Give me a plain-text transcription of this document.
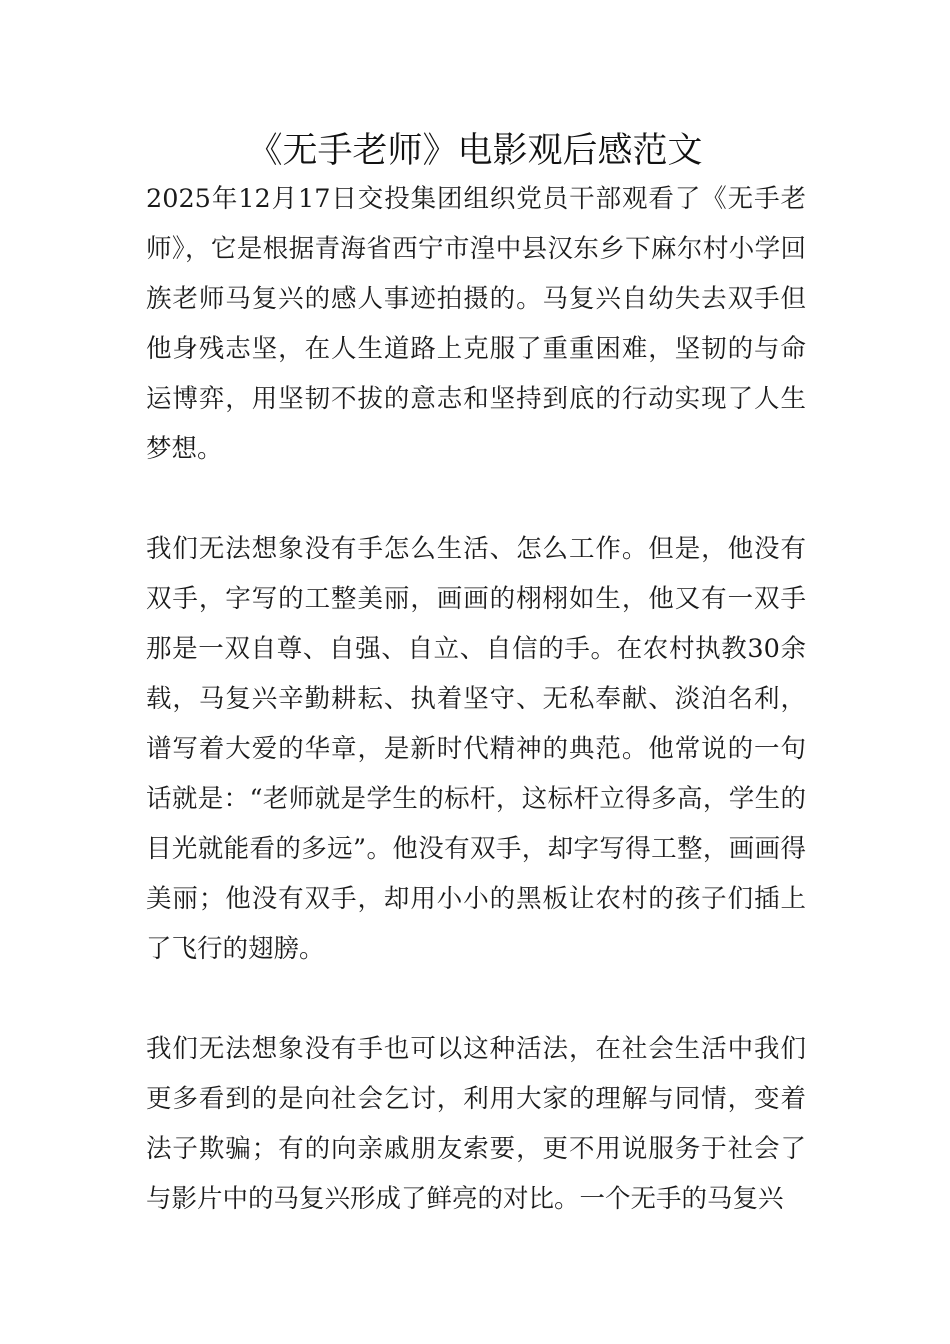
《无手老师》电影观后感范文

2025年12月17日交投集团组织党员干部观看了《无手老师》，它是根据青海省西宁市湟中县汉东乡下麻尔村小学回族老师马复兴的感人事迹拍摄的。马复兴自幼失去双手但他身残志坚，在人生道路上克服了重重困难，坚韧的与命运博弈，用坚韧不拔的意志和坚持到底的行动实现了人生梦想。

我们无法想象没有手怎么生活、怎么工作。但是，他没有双手，字写的工整美丽，画画的栩栩如生，他又有一双手那是一双自尊、自强、自立、自信的手。在农村执教30余载，马复兴辛勤耕耘、执着坚守、无私奉献、淡泊名利，谱写着大爱的华章，是新时代精神的典范。他常说的一句话就是：“老师就是学生的标杆，这标杆立得多高，学生的目光就能看的多远”。他没有双手，却字写得工整，画画得美丽；他没有双手，却用小小的黑板让农村的孩子们插上了飞行的翅膀。

我们无法想象没有手也可以这种活法，在社会生活中我们更多看到的是向社会乞讨，利用大家的理解与同情，变着法子欺骗；有的向亲戚朋友索要，更不用说服务于社会了与影片中的马复兴形成了鲜亮的对比。一个无手的马复兴
